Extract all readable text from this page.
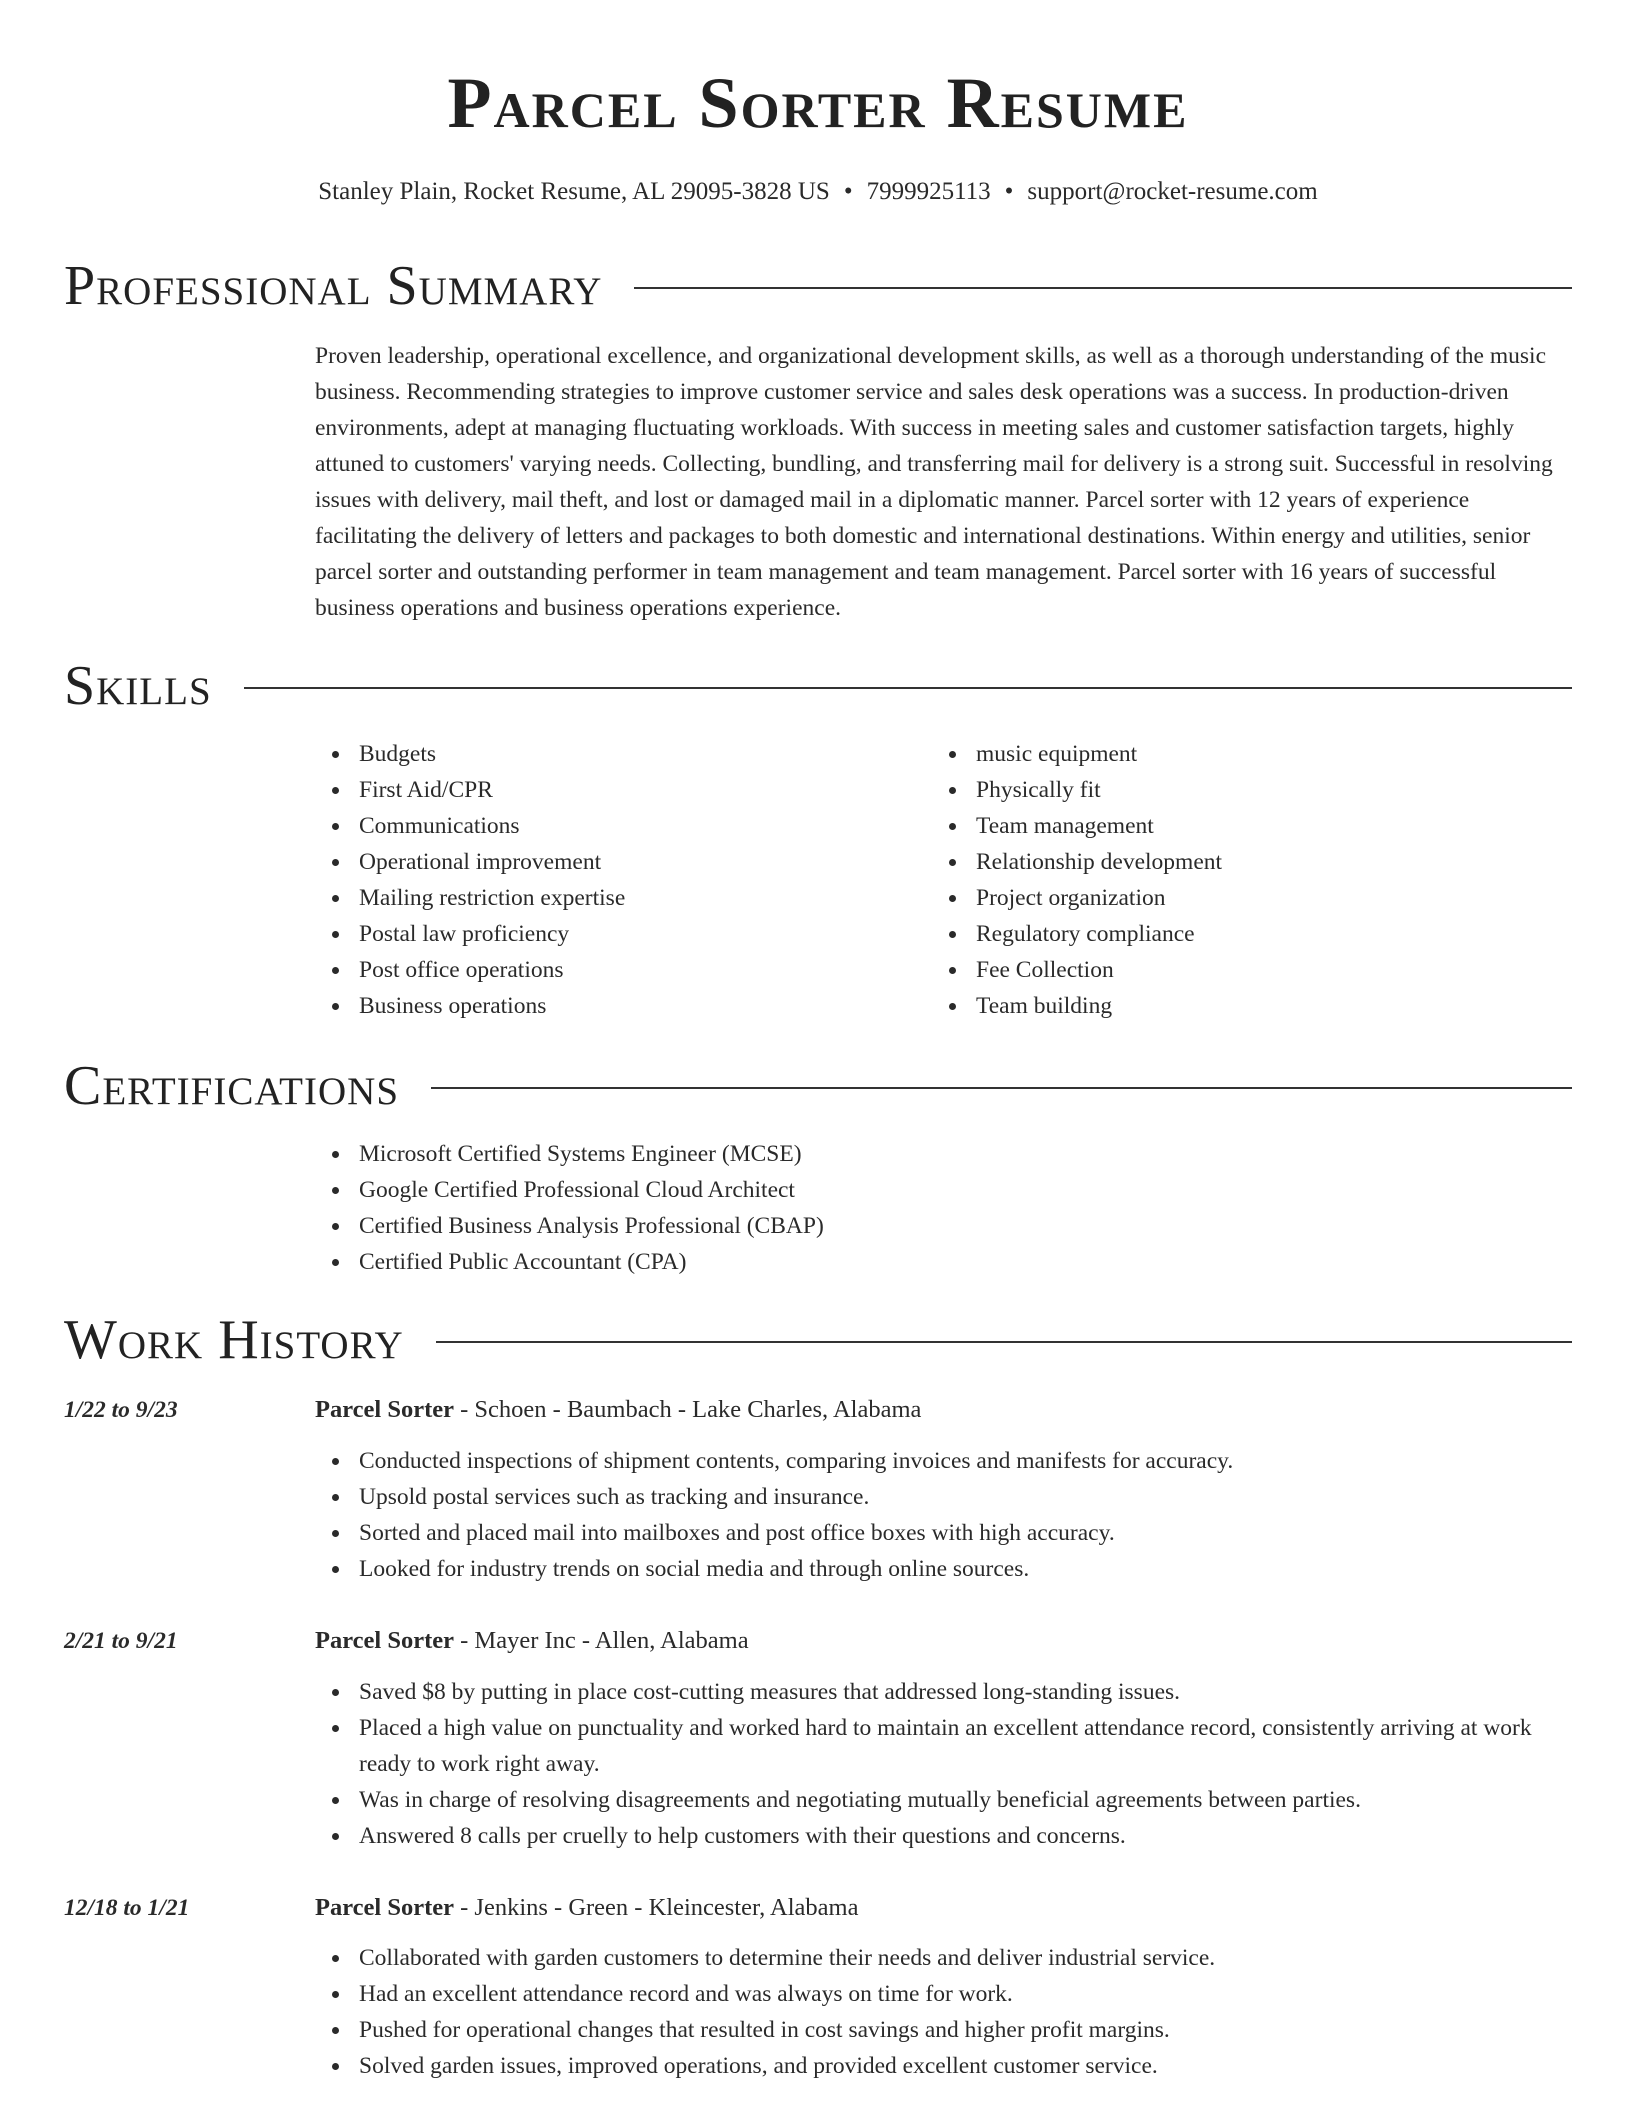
Parcel Sorter Resume
Stanley Plain, Rocket Resume, AL 29095-3828 US • 7999925113 • support@rocket-resume.com
Professional Summary

Proven leadership, operational excellence, and organizational development skills, as well as a thorough understanding of the music business. Recommending strategies to improve customer service and sales desk operations was a success. In production-driven environments, adept at managing fluctuating workloads. With success in meeting sales and customer satisfaction targets, highly attuned to customers' varying needs. Collecting, bundling, and transferring mail for delivery is a strong suit. Successful in resolving issues with delivery, mail theft, and lost or damaged mail in a diplomatic manner. Parcel sorter with 12 years of experience facilitating the delivery of letters and packages to both domestic and international destinations. Within energy and utilities, senior parcel sorter and outstanding performer in team management and team management. Parcel sorter with 16 years of successful business operations and business operations experience.

Skills
Budgets
First Aid/CPR
Communications
Operational improvement
Mailing restriction expertise
Postal law proficiency
Post office operations
Business operations
music equipment
Physically fit
Team management
Relationship development
Project organization
Regulatory compliance
Fee Collection
Team building
Certifications
Microsoft Certified Systems Engineer (MCSE)
Google Certified Professional Cloud Architect
Certified Business Analysis Professional (CBAP)
Certified Public Accountant (CPA)
Work History
1/22 to 9/23	Parcel Sorter - Schoen - Baumbach - Lake Charles, Alabama
Conducted inspections of shipment contents, comparing invoices and manifests for accuracy.
Upsold postal services such as tracking and insurance.
Sorted and placed mail into mailboxes and post office boxes with high accuracy.
Looked for industry trends on social media and through online sources.
2/21 to 9/21	Parcel Sorter - Mayer Inc - Allen, Alabama
Saved $8 by putting in place cost-cutting measures that addressed long-standing issues.
Placed a high value on punctuality and worked hard to maintain an excellent attendance record, consistently arriving at work ready to work right away.
Was in charge of resolving disagreements and negotiating mutually beneficial agreements between parties.
Answered 8 calls per cruelly to help customers with their questions and concerns.
12/18 to 1/21	Parcel Sorter - Jenkins - Green - Kleincester, Alabama
Collaborated with garden customers to determine their needs and deliver industrial service.
Had an excellent attendance record and was always on time for work.
Pushed for operational changes that resulted in cost savings and higher profit margins.
Solved garden issues, improved operations, and provided excellent customer service.
